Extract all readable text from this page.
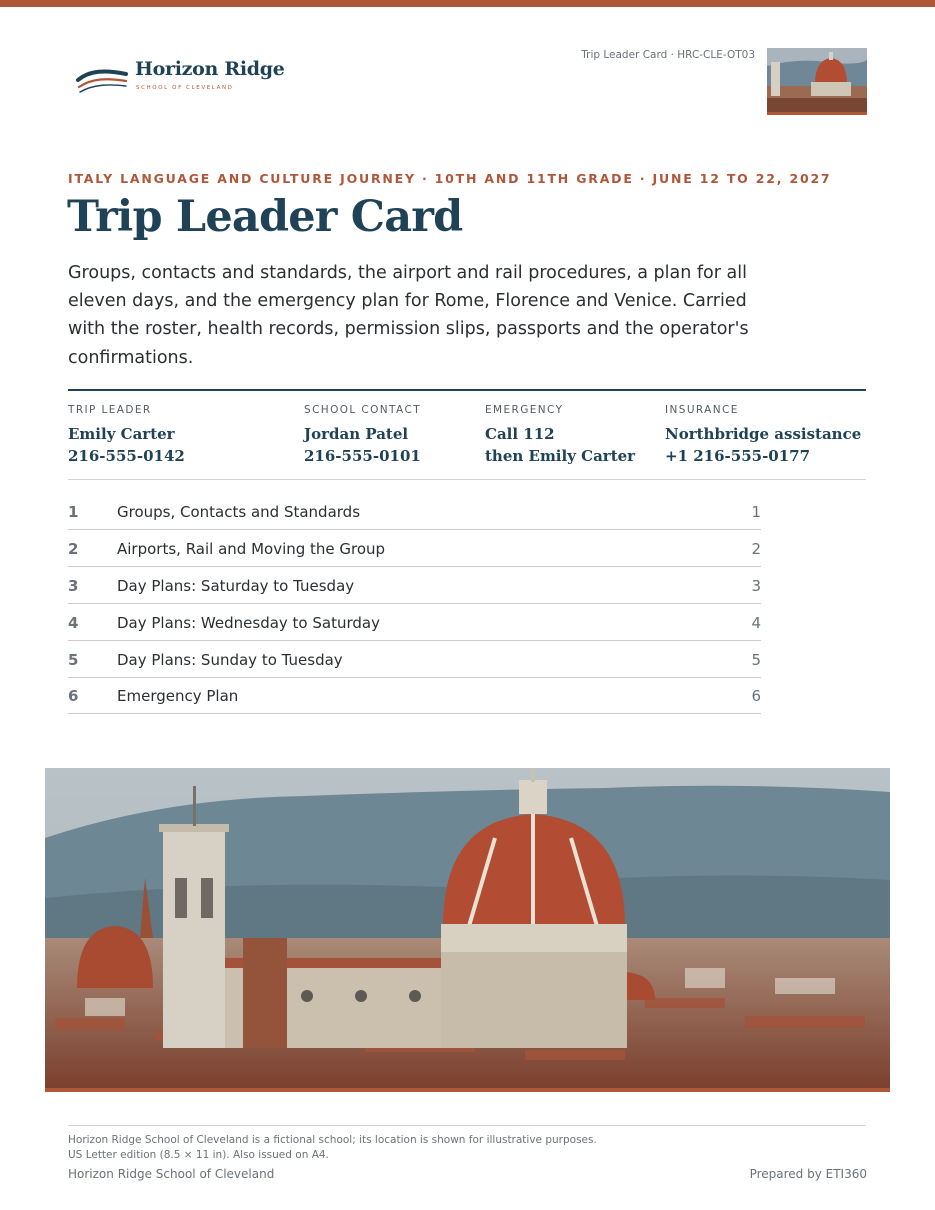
Horizon Ridge
SCHOOL OF CLEVELAND
Trip Leader Card · HRC-CLE-OT03
ITALY LANGUAGE AND CULTURE JOURNEY · 10TH AND 11TH GRADE · JUNE 12 TO 22, 2027
Trip Leader Card

Groups, contacts and standards, the airport and rail procedures, a plan for all eleven days, and the emergency plan for Rome, Florence and Venice. Carried with the roster, health records, permission slips, passports and the operator's confirmations.

TRIP LEADER
Emily Carter
216-555-0142
SCHOOL CONTACT
Jordan Patel
216-555-0101
EMERGENCY
Call 112
then Emily Carter
INSURANCE
Northbridge assistance
+1 216-555-0177
1	Groups, Contacts and Standards	1
2	Airports, Rail and Moving the Group	2
3	Day Plans: Saturday to Tuesday	3
4	Day Plans: Wednesday to Saturday	4
5	Day Plans: Sunday to Tuesday	5
6	Emergency Plan	6
Horizon Ridge School of Cleveland is a fictional school; its location is shown for illustrative purposes.
US Letter edition (8.5 × 11 in). Also issued on A4.
Horizon Ridge School of Cleveland	Prepared by ETI360
